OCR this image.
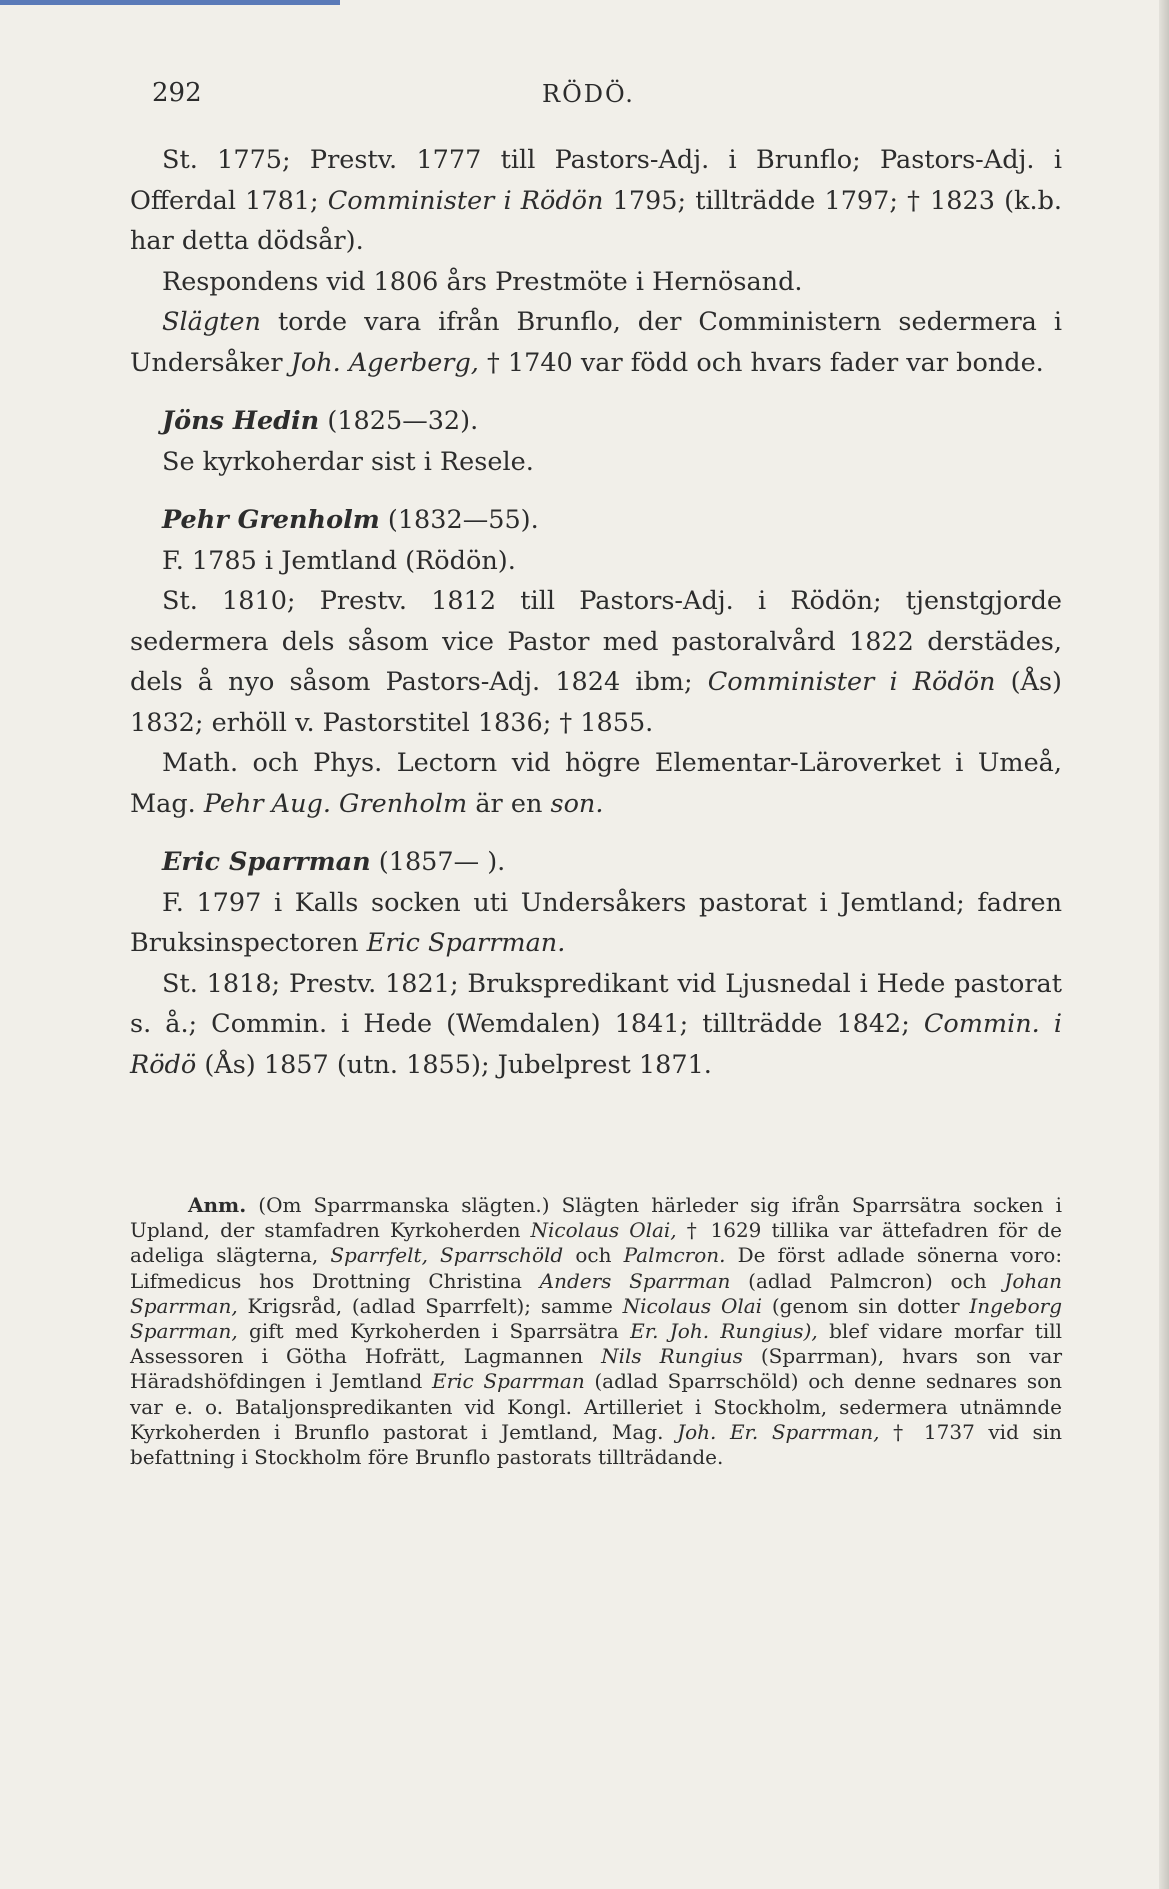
292	RÖDÖ.

St. 1775; Prestv. 1777 till Pastors-Adj. i Brunflo; Pastors-Adj. i Offerdal 1781; Comminister i Rödön 1795; tillträdde 1797; † 1823 (k.b. har detta dödsår).

Respondens vid 1806 års Prestmöte i Hernösand.

Slägten torde vara ifrån Brunflo, der Comministern sedermera i Undersåker Joh. Agerberg, † 1740 var född och hvars fader var bonde.

Jöns Hedin (1825—32).

Se kyrkoherdar sist i Resele.

Pehr Grenholm (1832—55).

F. 1785 i Jemtland (Rödön).

St. 1810; Prestv. 1812 till Pastors-Adj. i Rödön; tjenstgjorde sedermera dels såsom vice Pastor med pastoralvård 1822 derstädes, dels å nyo såsom Pastors-Adj. 1824 ibm; Comminister i Rödön (Ås) 1832; erhöll v. Pastorstitel 1836; † 1855.

Math. och Phys. Lectorn vid högre Elementar-Läroverket i Umeå, Mag. Pehr Aug. Grenholm är en son.

Eric Sparrman (1857— ).

F. 1797 i Kalls socken uti Undersåkers pastorat i Jemtland; fadren Bruksinspectoren Eric Sparrman.

St. 1818; Prestv. 1821; Brukspredikant vid Ljusnedal i Hede pastorat s. å.; Commin. i Hede (Wemdalen) 1841; tillträdde 1842; Commin. i Rödö (Ås) 1857 (utn. 1855); Jubelprest 1871.

Anm. (Om Sparrmanska slägten.) Slägten härleder sig ifrån Sparrsätra socken i Upland, der stamfadren Kyrkoherden Nicolaus Olai, † 1629 tillika var ättefadren för de adeliga slägterna, Sparrfelt, Sparrschöld och Palmcron. De först adlade sönerna voro: Lifmedicus hos Drottning Christina Anders Sparrman (adlad Palmcron) och Johan Sparrman, Krigsråd, (adlad Sparrfelt); samme Nicolaus Olai (genom sin dotter Ingeborg Sparrman, gift med Kyrkoherden i Sparrsätra Er. Joh. Rungius), blef vidare morfar till Assessoren i Götha Hofrätt, Lagmannen Nils Rungius (Sparrman), hvars son var Häradshöfdingen i Jemtland Eric Sparrman (adlad Sparrschöld) och denne sednares son var e. o. Bataljonspredikanten vid Kongl. Artilleriet i Stockholm, sedermera utnämnde Kyrkoherden i Brunflo pastorat i Jemtland, Mag. Joh. Er. Sparrman, † 1737 vid sin befattning i Stockholm före Brunflo pastorats tillträdande.
